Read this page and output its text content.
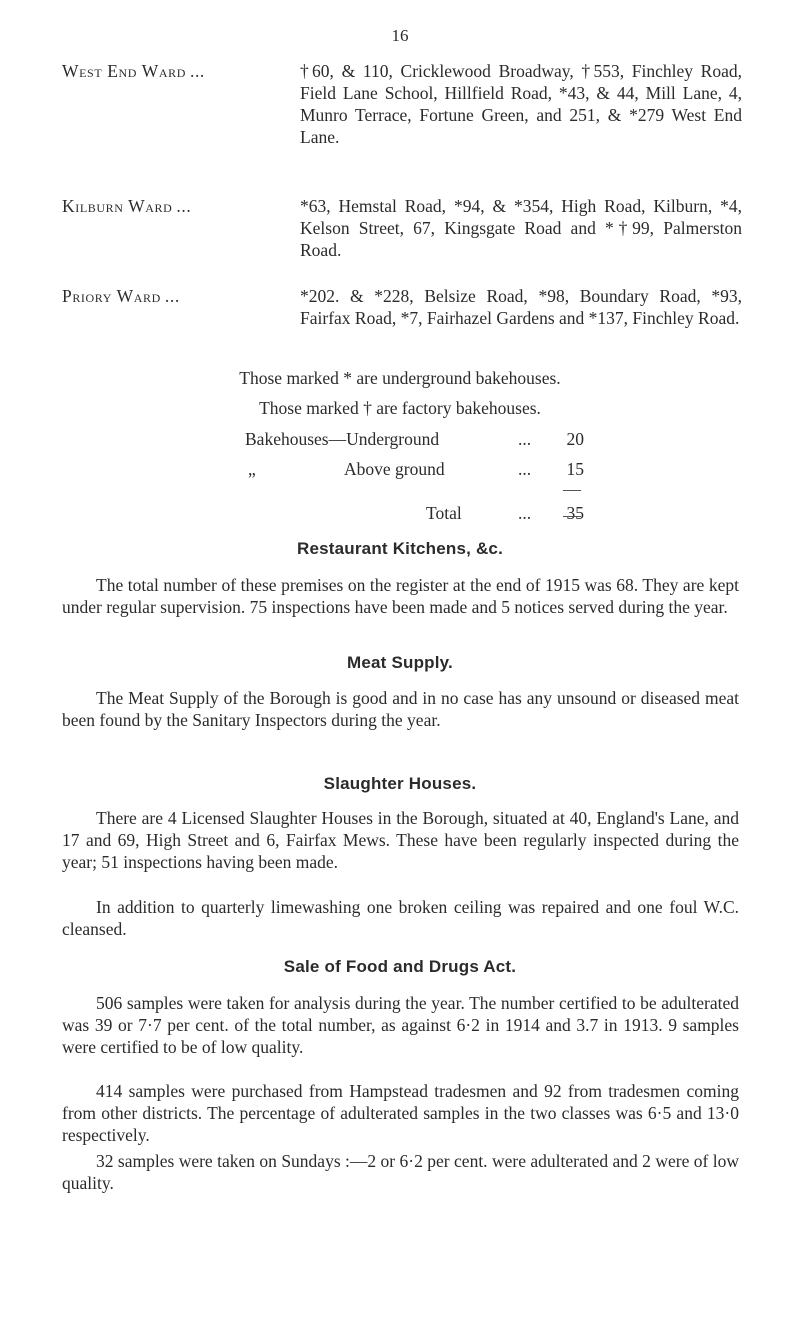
16
West End Ward ...	†60, & 110, Cricklewood Broadway, †553, Finchley Road, Field Lane School, Hillfield Road, *43, & 44, Mill Lane, 4, Munro Terrace, Fortune Green, and 251, & *279 West End Lane.
Kilburn Ward ...	*63, Hemstal Road, *94, & *354, High Road, Kilburn, *4, Kelson Street, 67, Kingsgate Road and *†99, Palmerston Road.
Priory Ward ...	*202. & *228, Belsize Road, *98, Boundary Road, *93, Fairfax Road, *7, Fairhazel Gardens and *137, Finchley Road.
Those marked * are underground bakehouses.
Those marked † are factory bakehouses.
Bakehouses—Underground	...	20
„	Above ground	...	15
Total	...	35
Restaurant Kitchens, &c.

The total number of these premises on the register at the end of 1915 was 68. They are kept under regular supervision. 75 inspections have been made and 5 notices served during the year.

Meat Supply.

The Meat Supply of the Borough is good and in no case has any unsound or diseased meat been found by the Sanitary Inspectors during the year.

Slaughter Houses.

There are 4 Licensed Slaughter Houses in the Borough, situated at 40, England's Lane, and 17 and 69, High Street and 6, Fairfax Mews. These have been regularly inspected during the year; 51 inspections having been made.

In addition to quarterly limewashing one broken ceiling was repaired and one foul W.C. cleansed.

Sale of Food and Drugs Act.

506 samples were taken for analysis during the year. The number certified to be adulterated was 39 or 7·7 per cent. of the total number, as against 6·2 in 1914 and 3.7 in 1913. 9 samples were certified to be of low quality.

414 samples were purchased from Hampstead tradesmen and 92 from tradesmen coming from other districts. The percentage of adulterated samples in the two classes was 6·5 and 13·0 respectively.

32 samples were taken on Sundays :—2 or 6·2 per cent. were adulterated and 2 were of low quality.
